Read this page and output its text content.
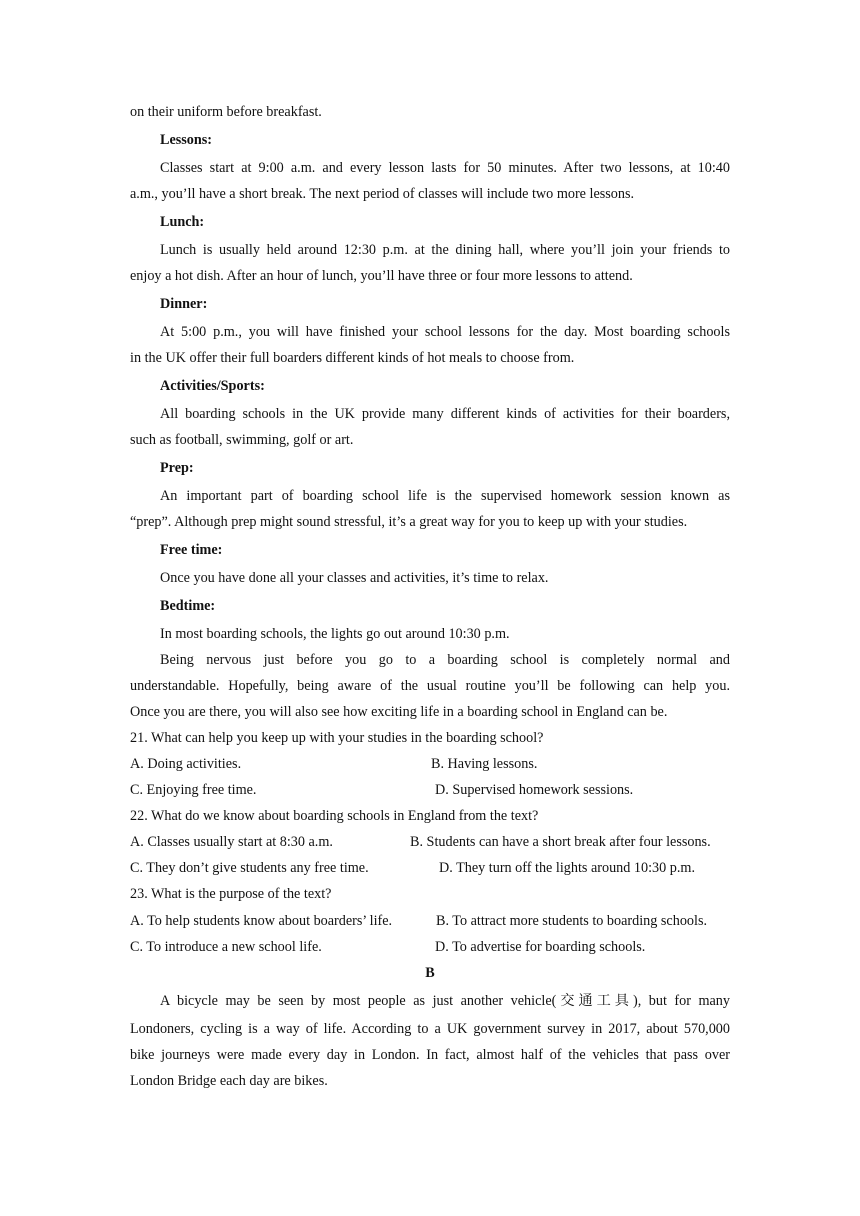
on their uniform before breakfast.
Lessons:
Classes start at 9:00 a.m. and every lesson lasts for 50 minutes. After two lessons, at 10:40
a.m., you’ll have a short break. The next period of classes will include two more lessons.
Lunch:
Lunch is usually held around 12:30 p.m. at the dining hall, where you’ll join your friends to
enjoy a hot dish. After an hour of lunch, you’ll have three or four more lessons to attend.
Dinner:
At 5:00 p.m., you will have finished your school lessons for the day. Most boarding schools
in the UK offer their full boarders different kinds of hot meals to choose from.
Activities/Sports:
All boarding schools in the UK provide many different kinds of activities for their boarders,
such as football, swimming, golf or art.
Prep:
An important part of boarding school life is the supervised homework session known as
“prep”. Although prep might sound stressful, it’s a great way for you to keep up with your studies.
Free time:
Once you have done all your classes and activities, it’s time to relax.
Bedtime:
In most boarding schools, the lights go out around 10:30 p.m.
Being nervous just before you go to a boarding school is completely normal and
understandable. Hopefully, being aware of the usual routine you’ll be following can help you.
Once you are there, you will also see how exciting life in a boarding school in England can be.
21. What can help you keep up with your studies in the boarding school?
A. Doing activities.	B. Having lessons.
C. Enjoying free time.	D. Supervised homework sessions.
22. What do we know about boarding schools in England from the text?
A. Classes usually start at 8:30 a.m.	B. Students can have a short break after four lessons.
C. They don’t give students any free time.	D. They turn off the lights around 10:30 p.m.
23. What is the purpose of the text?
A. To help students know about boarders’ life.	B. To attract more students to boarding schools.
C. To introduce a new school life.	D. To advertise for boarding schools.
B
A bicycle may be seen by most people as just another vehicle(交通工具), but for many
Londoners, cycling is a way of life. According to a UK government survey in 2017, about 570,000
bike journeys were made every day in London. In fact, almost half of the vehicles that pass over
London Bridge each day are bikes.
